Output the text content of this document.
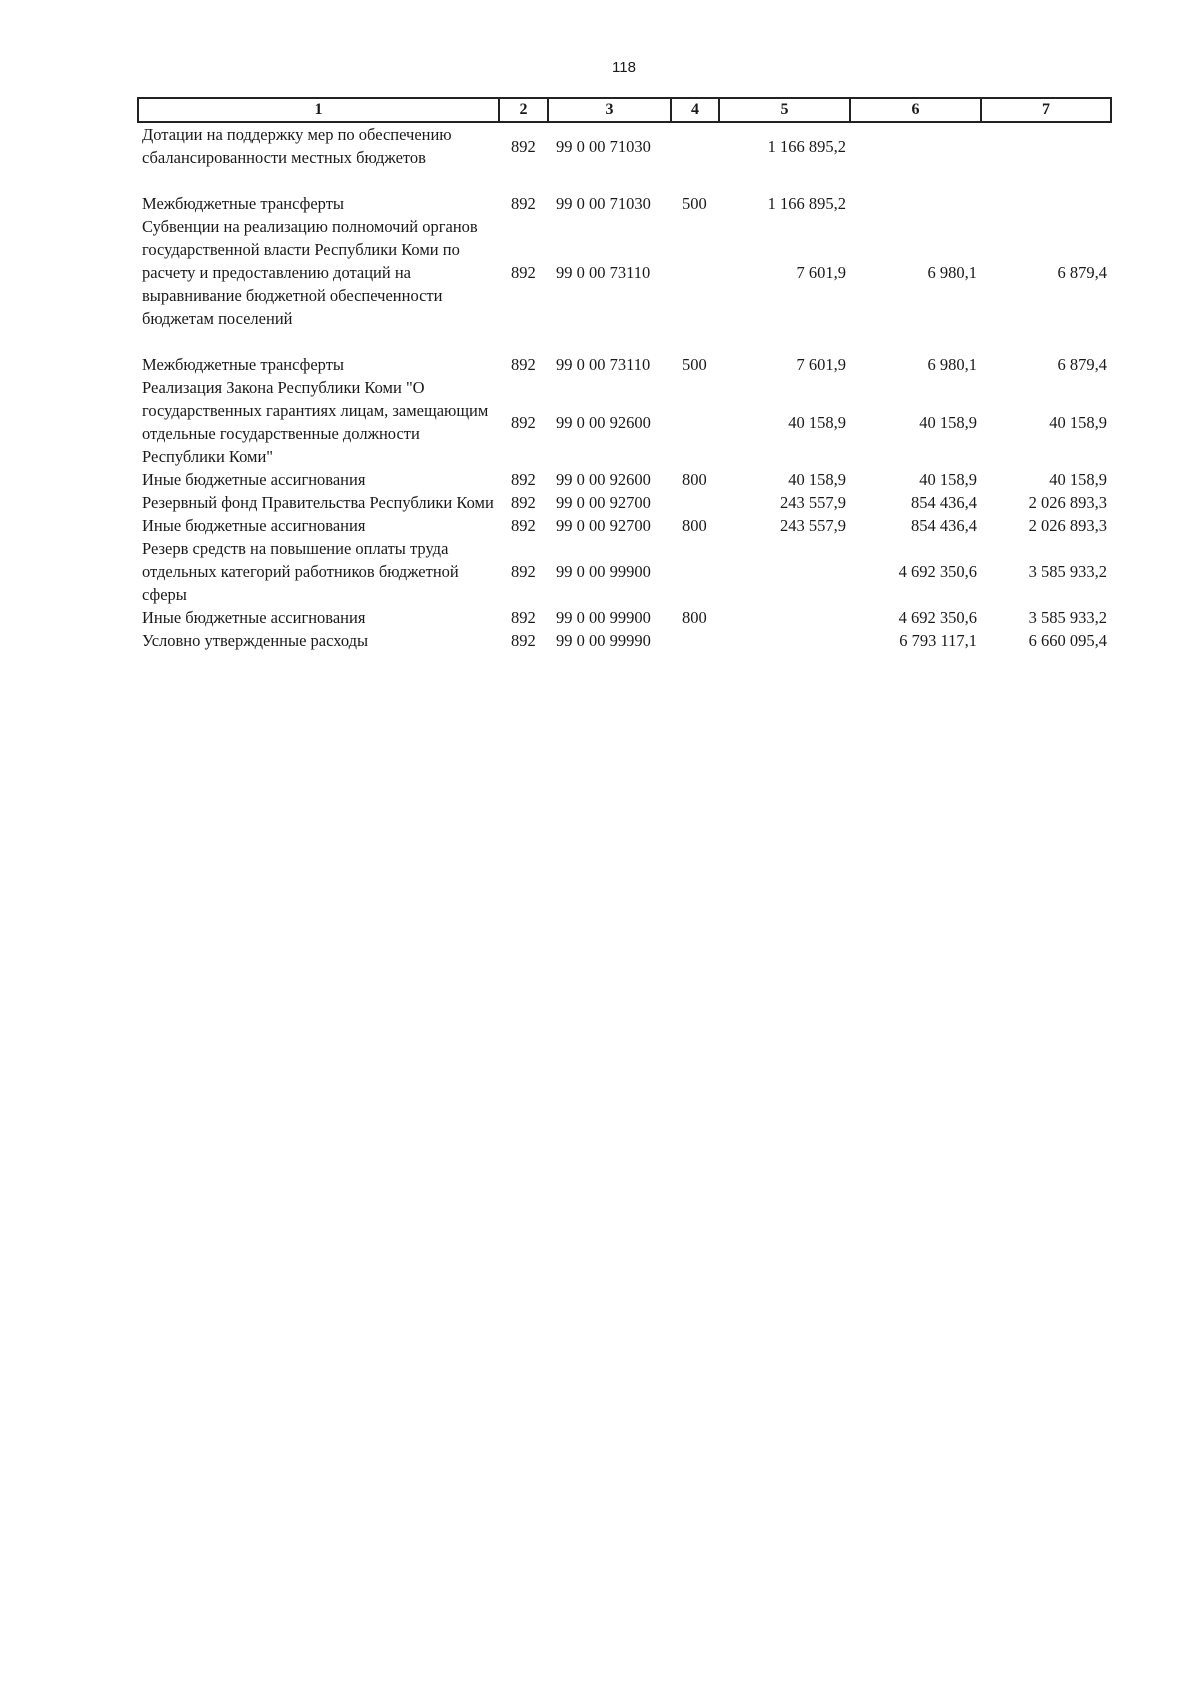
118
1	2	3	4	5	6	7
Дотации на поддержку мер по обеспечению сбалансированности местных бюджетов	892	99 0 00 71030		1 166 895,2		
Межбюджетные трансферты	892	99 0 00 71030	500	1 166 895,2		
Субвенции на реализацию полномочий органов государственной власти Республики Коми по расчету и предоставлению дотаций на выравнивание бюджетной обеспеченности бюджетам поселений	892	99 0 00 73110		7 601,9	6 980,1	6 879,4
Межбюджетные трансферты	892	99 0 00 73110	500	7 601,9	6 980,1	6 879,4
Реализация Закона Республики Коми "О государственных гарантиях лицам, замещающим отдельные государственные должности Республики Коми"	892	99 0 00 92600		40 158,9	40 158,9	40 158,9
Иные бюджетные ассигнования	892	99 0 00 92600	800	40 158,9	40 158,9	40 158,9
Резервный фонд Правительства Республики Коми	892	99 0 00 92700		243 557,9	854 436,4	2 026 893,3
Иные бюджетные ассигнования	892	99 0 00 92700	800	243 557,9	854 436,4	2 026 893,3
Резерв средств на повышение оплаты труда отдельных категорий работников бюджетной сферы	892	99 0 00 99900			4 692 350,6	3 585 933,2
Иные бюджетные ассигнования	892	99 0 00 99900	800		4 692 350,6	3 585 933,2
Условно утвержденные расходы	892	99 0 00 99990			6 793 117,1	6 660 095,4
